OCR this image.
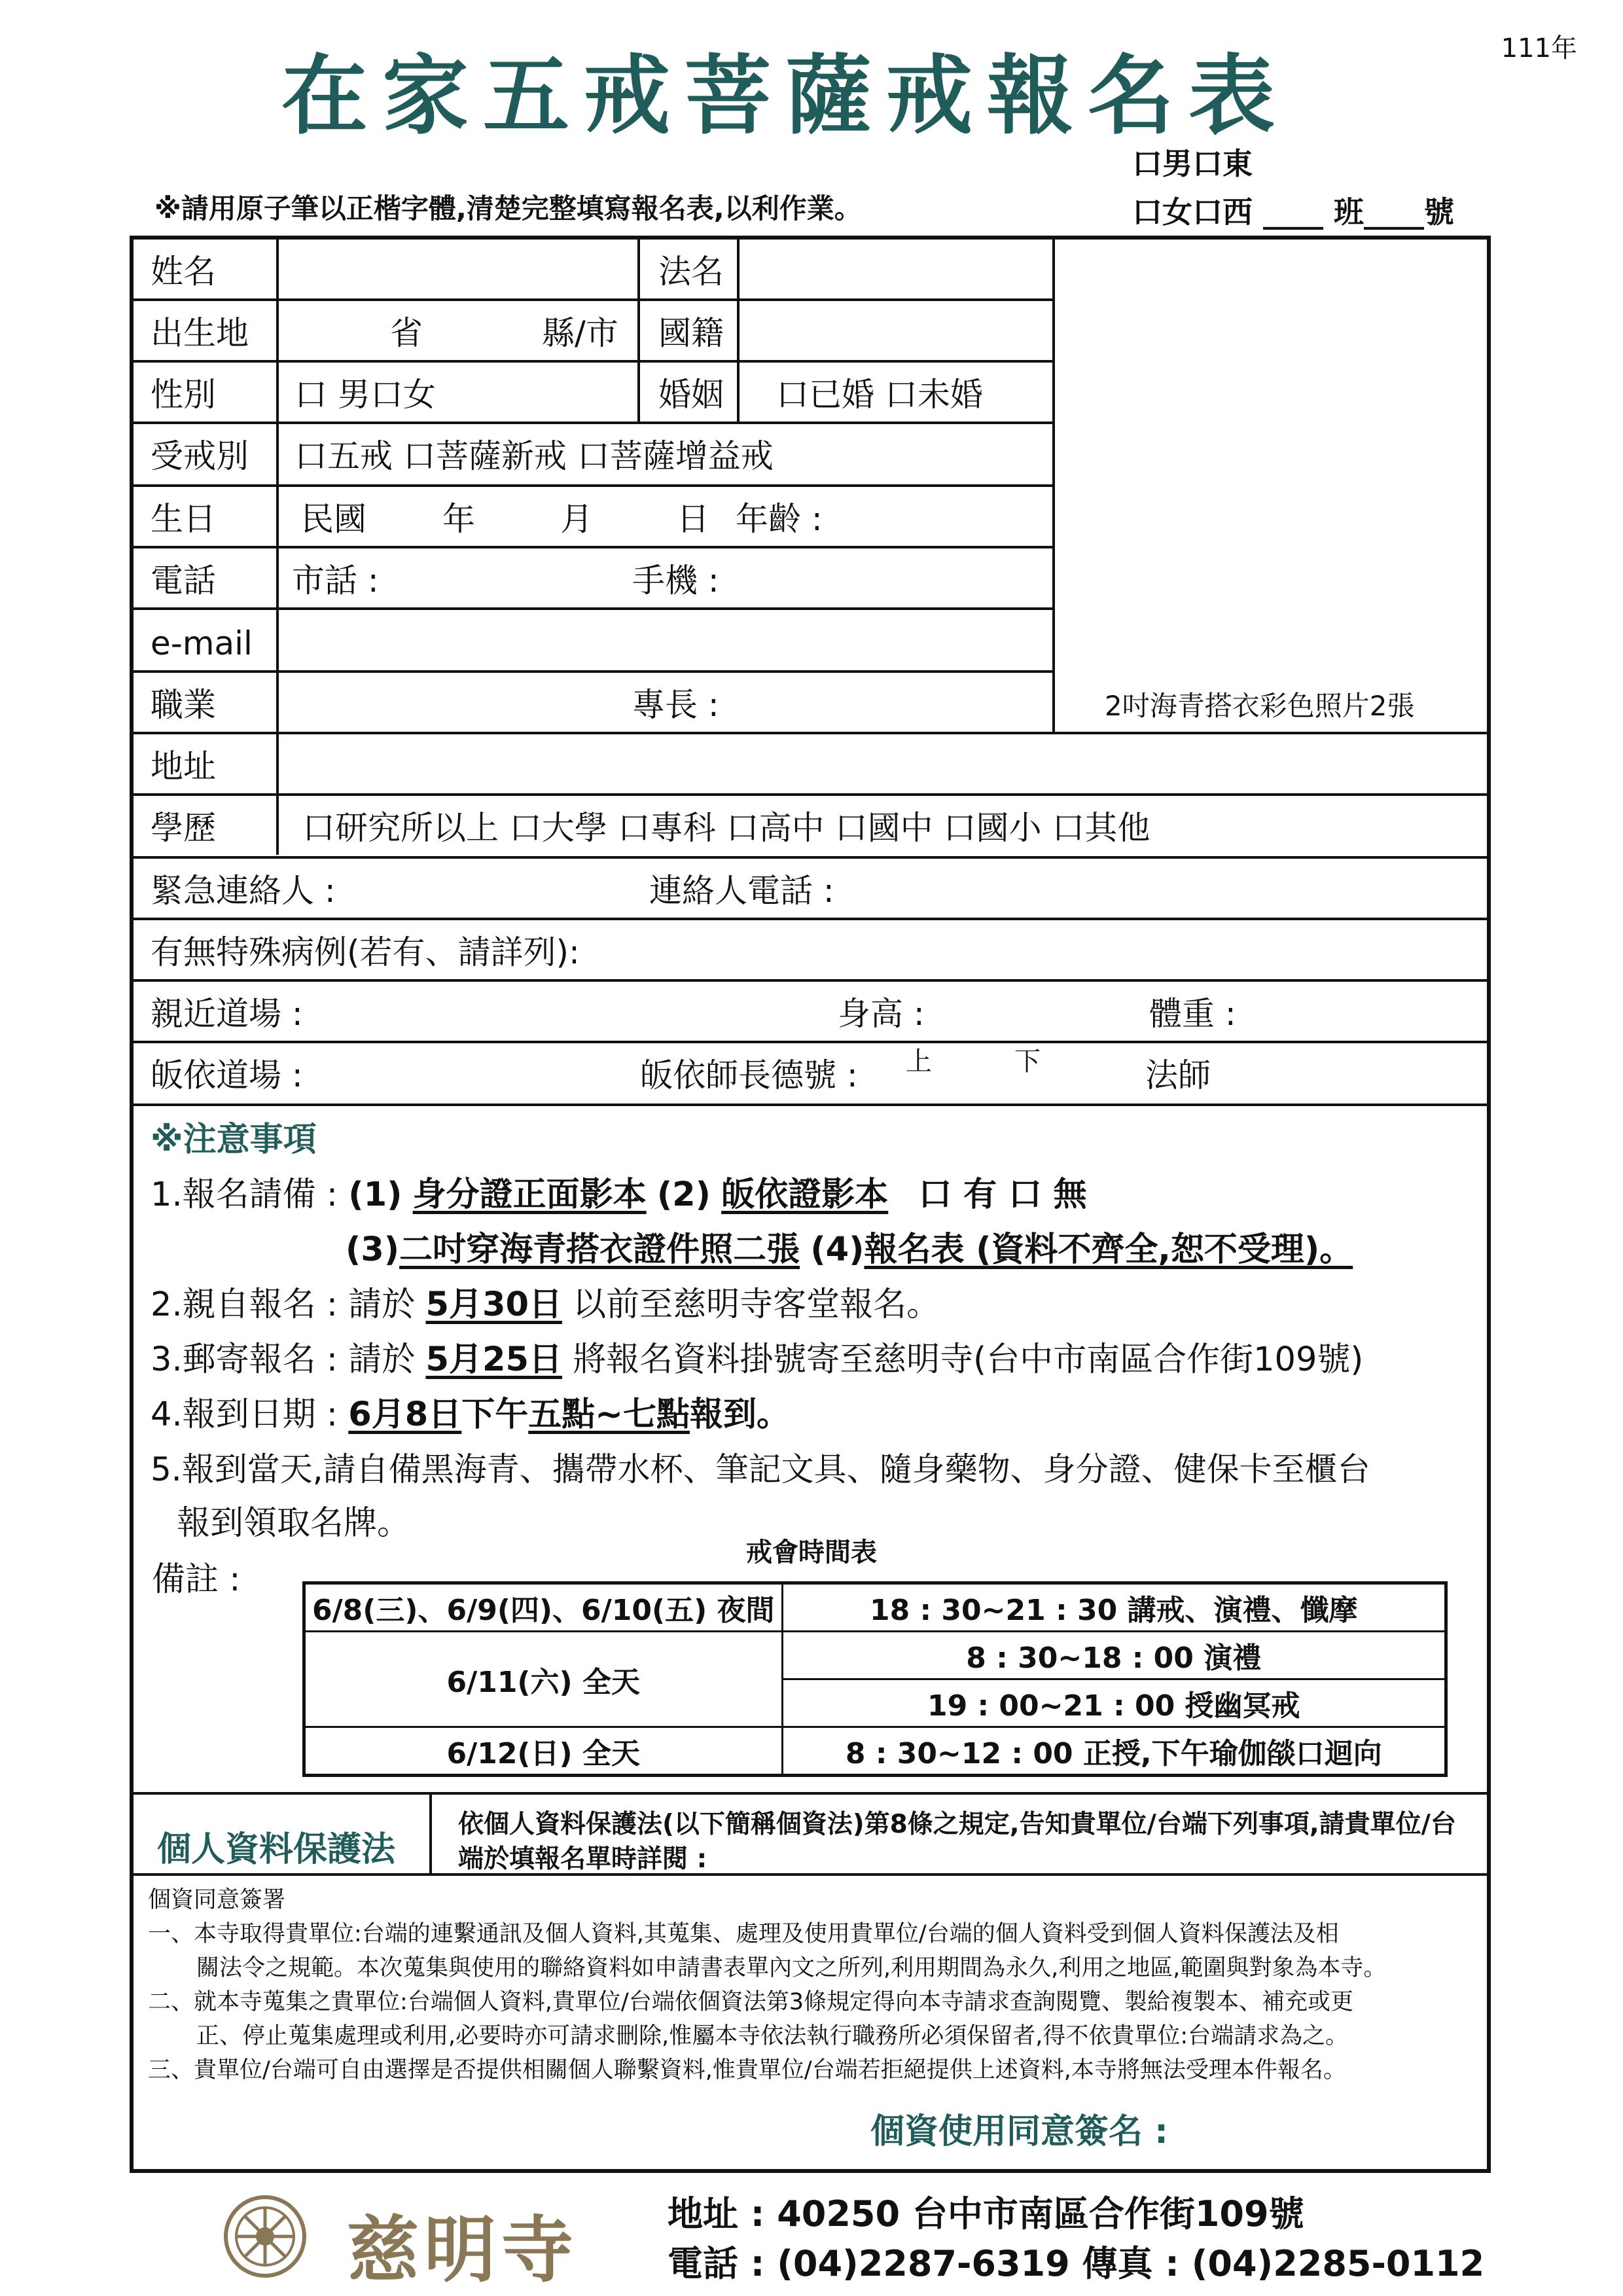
在家五戒菩薩戒報名表	111年
口男口東
口女口西 ____ 班____號
※請用原子筆以正楷字體,清楚完整填寫報名表,以利作業。
姓名	法名
出生地	省	縣/市 國籍
性別 口 男口女	婚姻 口已婚 口未婚
受戒別 口五戒 口菩薩新戒 口菩薩增益戒
生日	民國 年	月	日 年齡 :
電話 市話 :	手機 :
e-mail
職業	專長 :	2吋海青搭衣彩色照片2張
地址
學歷	口研究所以上 口大學 口專科 口高中 口國中 口國小 口其他
緊急連絡人 :	連絡人電話 :
有無特殊病例(若有、請詳列):
親近道場 :	身高 :	體重 :
皈依道場 :	皈依師長德號 : 上	下	法師
※注意事項
1.報名請備 : (1) 身分證正面影本 (2) 皈依證影本 口 有 口 無
(3)二吋穿海青搭衣證件照二張 (4)報名表 (資料不齊全,恕不受理)。
2.親自報名 : 請於 5月30日 以前至慈明寺客堂報名。
3.郵寄報名 : 請於 5月25日 將報名資料掛號寄至慈明寺(台中市南區合作街109號)
4.報到日期 : 6月8日下午五點~七點報到。
5.報到當天,請自備黑海青、攜帶水杯、筆記文具、隨身藥物、身分證、健保卡至櫃台
報到領取名牌。
備註 :
戒會時間表
6/8(三)、6/9(四)、6/10(五) 夜間	18 : 30~21 : 30 講戒、演禮、懺摩
6/11(六) 全天	8 : 30~18 : 00 演禮
	19 : 00~21 : 00 授幽冥戒
6/12(日) 全天	8 : 30~12 : 00 正授,下午瑜伽燄口迴向
個人資料保護法
依個人資料保護法(以下簡稱個資法)第8條之規定,告知貴單位/台端下列事項,請貴單位/台端於填報名單時詳閱 :
個資同意簽署
一、本寺取得貴單位:台端的連繫通訊及個人資料,其蒐集、處理及使用貴單位/台端的個人資料受到個人資料保護法及相
關法令之規範。本次蒐集與使用的聯絡資料如申請書表單內文之所列,利用期間為永久,利用之地區,範圍與對象為本寺。
二、就本寺蒐集之貴單位:台端個人資料,貴單位/台端依個資法第3條規定得向本寺請求查詢閱覽、製給複製本、補充或更
正、停止蒐集處理或利用,必要時亦可請求刪除,惟屬本寺依法執行職務所必須保留者,得不依貴單位:台端請求為之。
三、貴單位/台端可自由選擇是否提供相關個人聯繫資料,惟貴單位/台端若拒絕提供上述資料,本寺將無法受理本件報名。
個資使用同意簽名 :
慈明寺	地址 : 40250 台中市南區合作街109號
電話 : (04)2287-6319 傳真 : (04)2285-0112
